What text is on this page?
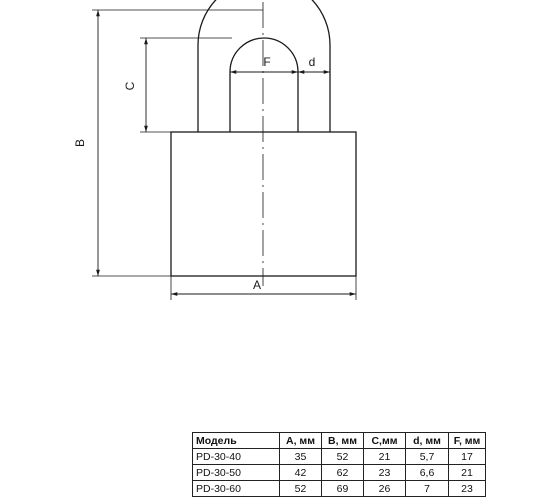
B
C
A
F	d
Модель	A, мм	B, мм	C,мм	d, мм	F, мм
PD-30-40	35	52	21	5,7	17
PD-30-50	42	62	23	6,6	21
PD-30-60	52	69	26	7	23
